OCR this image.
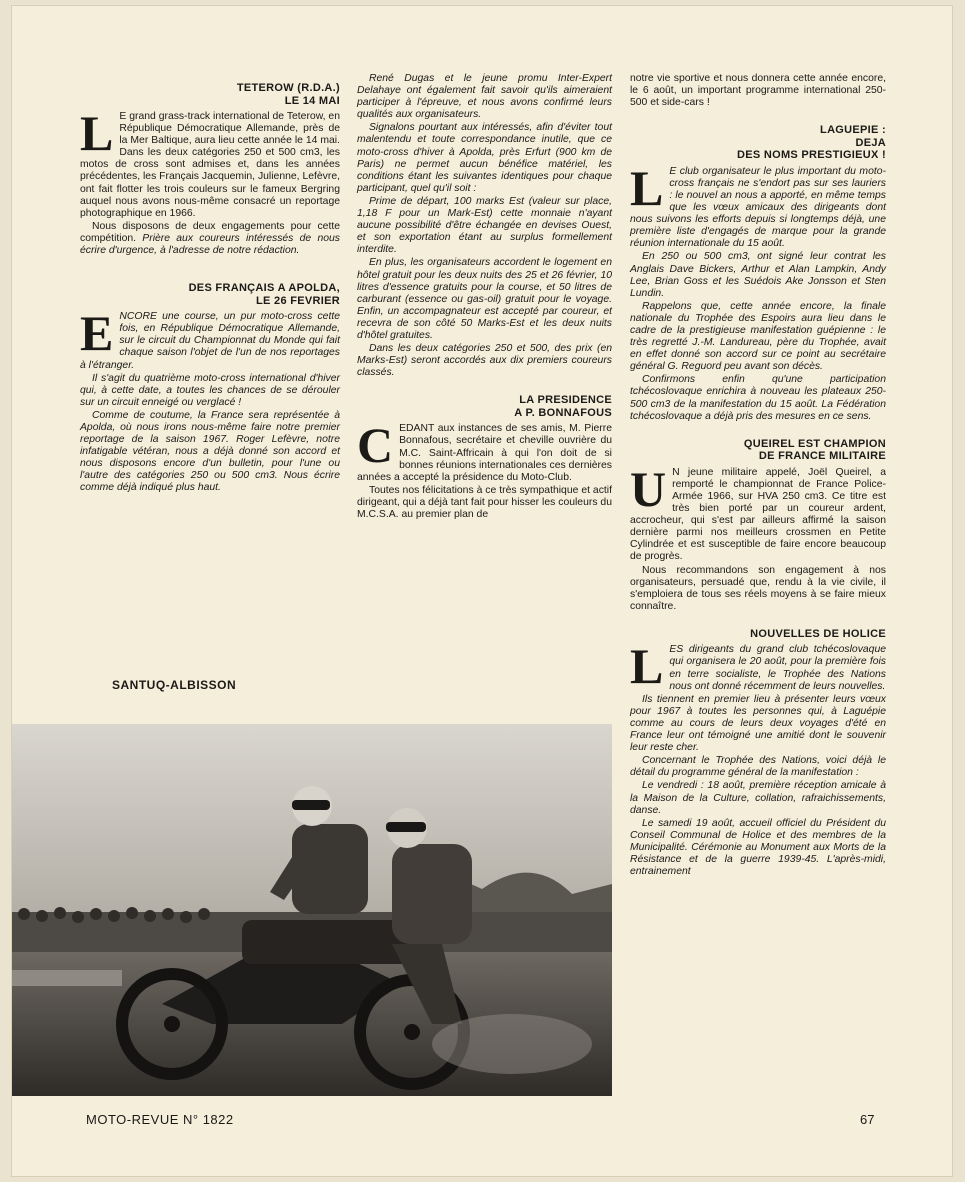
TETEROW (R.D.A.)
LE 14 MAI

L E grand grass-track international de Teterow, en République Démocratique Allemande, près de la Mer Baltique, aura lieu cette année le 14 mai. Dans les deux catégories 250 et 500 cm3, les motos de cross sont admises et, dans les années précédentes, les Français Jacquemin, Julienne, Lefèvre, ont fait flotter les trois couleurs sur le fameux Bergring auquel nous avons nous-même consacré un reportage photographique en 1966.

Nous disposons de deux engagements pour cette compétition. Prière aux coureurs intéressés de nous écrire d'urgence, à l'adresse de notre rédaction.

DES FRANÇAIS A APOLDA,
LE 26 FEVRIER

ENCORE une course, un pur moto-cross cette fois, en République Démocratique Allemande, sur le circuit du Championnat du Monde qui fait chaque saison l'objet de l'un de nos reportages à l'étranger.

Il s'agit du quatrième moto-cross international d'hiver qui, à cette date, a toutes les chances de se dérouler sur un circuit enneigé ou verglacé !

Comme de coutume, la France sera représentée à Apolda, où nous irons nous-même faire notre premier reportage de la saison 1967. Roger Lefèvre, notre infatigable vétéran, nous a déjà donné son accord et nous disposons encore d'un bulletin, pour l'une ou l'autre des catégories 250 ou 500 cm3. Nous écrire comme déjà indiqué plus haut.

SANTUQ-ALBISSON

René Dugas et le jeune promu Inter-Expert Delahaye ont également fait savoir qu'ils aimeraient participer à l'épreuve, et nous avons confirmé leurs qualités aux organisateurs.

Signalons pourtant aux intéressés, afin d'éviter tout malentendu et toute correspondance inutile, que ce moto-cross d'hiver à Apolda, près Erfurt (900 km de Paris) ne permet aucun bénéfice matériel, les conditions étant les suivantes identiques pour chaque participant, quel qu'il soit :

Prime de départ, 100 marks Est (valeur sur place, 1,18 F pour un Mark-Est) cette monnaie n'ayant aucune possibilité d'être échangée en devises Ouest, et son exportation étant au surplus formellement interdite.

En plus, les organisateurs accordent le logement en hôtel gratuit pour les deux nuits des 25 et 26 février, 10 litres d'essence gratuits pour la course, et 50 litres de carburant (essence ou gas-oil) gratuit pour le voyage. Enfin, un accompagnateur est accepté par coureur, et recevra de son côté 50 Marks-Est et les deux nuits d'hôtel gratuites.

Dans les deux catégories 250 et 500, des prix (en Marks-Est) seront accordés aux dix premiers coureurs classés.

LA PRESIDENCE
A P. BONNAFOUS

CEDANT aux instances de ses amis, M. Pierre Bonnafous, secrétaire et cheville ouvrière du M.C. Saint-Affricain à qui l'on doit de si bonnes réunions internationales ces dernières années a accepté la présidence du Moto-Club.

Toutes nos félicitations à ce très sympathique et actif dirigeant, qui a déjà tant fait pour hisser les couleurs du M.C.S.A. au premier plan de

notre vie sportive et nous donnera cette année encore, le 6 août, un important programme international 250-500 et side-cars !

LAGUEPIE :
DEJA
DES NOMS PRESTIGIEUX !

L E club organisateur le plus important du moto-cross français ne s'endort pas sur ses lauriers : le nouvel an nous a apporté, en même temps que les vœux amicaux des dirigeants dont nous suivons les efforts depuis si longtemps déjà, une première liste d'engagés de marque pour la grande réunion internationale du 15 août.

En 250 ou 500 cm3, ont signé leur contrat les Anglais Dave Bickers, Arthur et Alan Lampkin, Andy Lee, Brian Goss et les Suédois Ake Jonsson et Sten Lundin.

Rappelons que, cette année encore, la finale nationale du Trophée des Espoirs aura lieu dans le cadre de la prestigieuse manifestation guépienne : le très regretté J.-M. Landureau, père du Trophée, avait en effet donné son accord sur ce point au secrétaire général G. Reguord peu avant son décès.

Confirmons enfin qu'une participation tchécoslovaque enrichira à nouveau les plateaux 250-500 cm3 de la manifestation du 15 août. La Fédération tchécoslovaque a déjà pris des mesures en ce sens.

QUEIREL EST CHAMPION
DE FRANCE MILITAIRE

U N jeune militaire appelé, Joël Queirel, a remporté le championnat de France Police-Armée 1966, sur HVA 250 cm3. Ce titre est très bien porté par un coureur ardent, accrocheur, qui s'est par ailleurs affirmé la saison dernière parmi nos meilleurs crossmen en Petite Cylindrée et est susceptible de faire encore beaucoup de progrès.

Nous recommandons son engagement à nos organisateurs, persuadé que, rendu à la vie civile, il s'emploiera de tous ses réels moyens à se faire mieux connaître.

NOUVELLES DE HOLICE

LES dirigeants du grand club tchécoslovaque qui organisera le 20 août, pour la première fois en terre socialiste, le Trophée des Nations nous ont donné récemment de leurs nouvelles.

Ils tiennent en premier lieu à présenter leurs vœux pour 1967 à toutes les personnes qui, à Laguépie comme au cours de leurs deux voyages d'été en France leur ont témoigné une amitié dont le souvenir leur reste cher.

Concernant le Trophée des Nations, voici déjà le détail du programme général de la manifestation :

Le vendredi : 18 août, première réception amicale à la Maison de la Culture, collation, rafraichissements, danse.

Le samedi 19 août, accueil officiel du Président du Conseil Communal de Holice et des membres de la Municipalité. Cérémonie au Monument aux Morts de la Résistance et de la guerre 1939-45. L'après-midi, entrainement

MOTO-REVUE N° 1822	67
